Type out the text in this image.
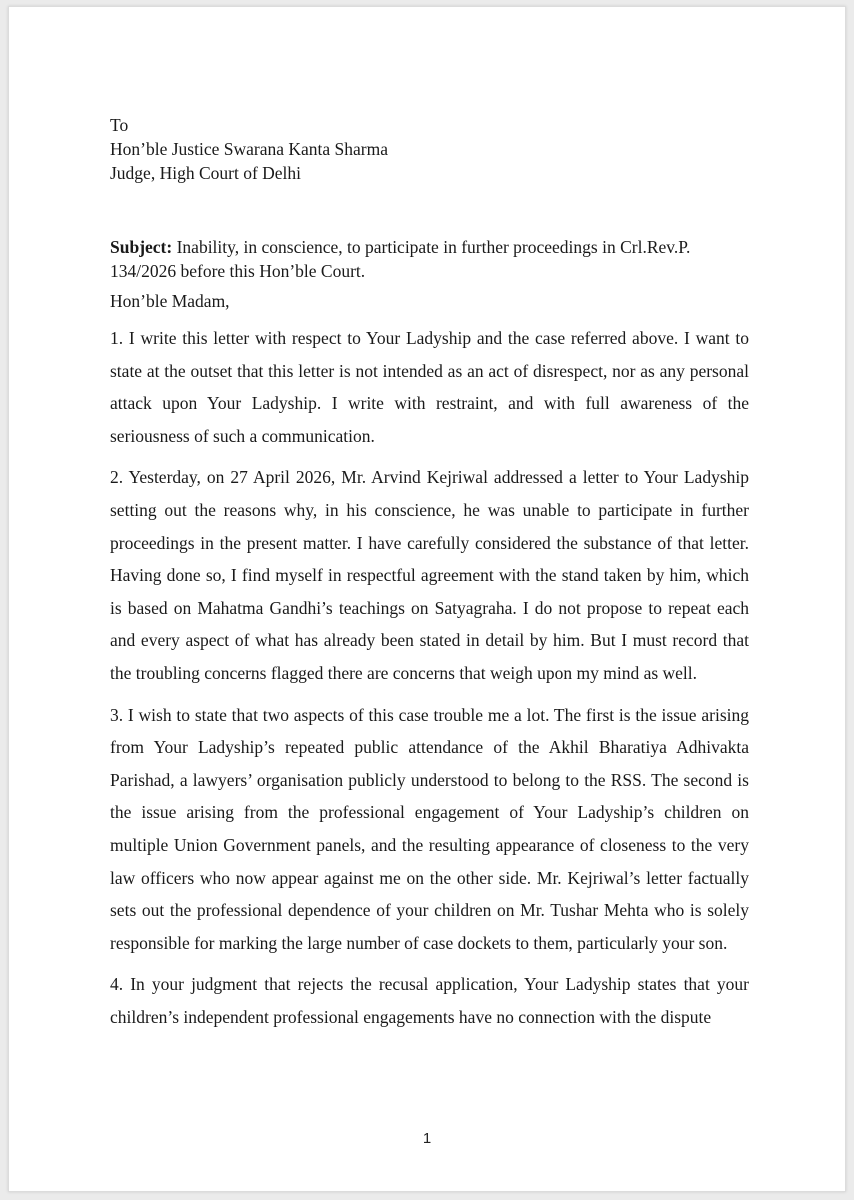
To

Hon’ble Justice Swarana Kanta Sharma

Judge, High Court of Delhi

Subject: Inability, in conscience, to participate in further proceedings in Crl.Rev.P. 134/2026 before this Hon’ble Court.

Hon’ble Madam,

1. I write this letter with respect to Your Ladyship and the case referred above. I want to state at the outset that this letter is not intended as an act of disrespect, nor as any personal attack upon Your Ladyship. I write with restraint, and with full awareness of the seriousness of such a communication.

2. Yesterday, on 27 April 2026, Mr. Arvind Kejriwal addressed a letter to Your Ladyship setting out the reasons why, in his conscience, he was unable to participate in further proceedings in the present matter. I have carefully considered the substance of that letter. Having done so, I find myself in respectful agreement with the stand taken by him, which is based on Mahatma Gandhi’s teachings on Satyagraha. I do not propose to repeat each and every aspect of what has already been stated in detail by him. But I must record that the troubling concerns flagged there are concerns that weigh upon my mind as well.

3. I wish to state that two aspects of this case trouble me a lot. The first is the issue arising from Your Ladyship’s repeated public attendance of the Akhil Bharatiya Adhivakta Parishad, a lawyers’ organisation publicly understood to belong to the RSS. The second is the issue arising from the professional engagement of Your Ladyship’s children on multiple Union Government panels, and the resulting appearance of closeness to the very law officers who now appear against me on the other side. Mr. Kejriwal’s letter factually sets out the professional dependence of your children on Mr. Tushar Mehta who is solely responsible for marking the large number of case dockets to them, particularly your son.

4. In your judgment that rejects the recusal application, Your Ladyship states that your children’s independent professional engagements have no connection with the dispute

1
